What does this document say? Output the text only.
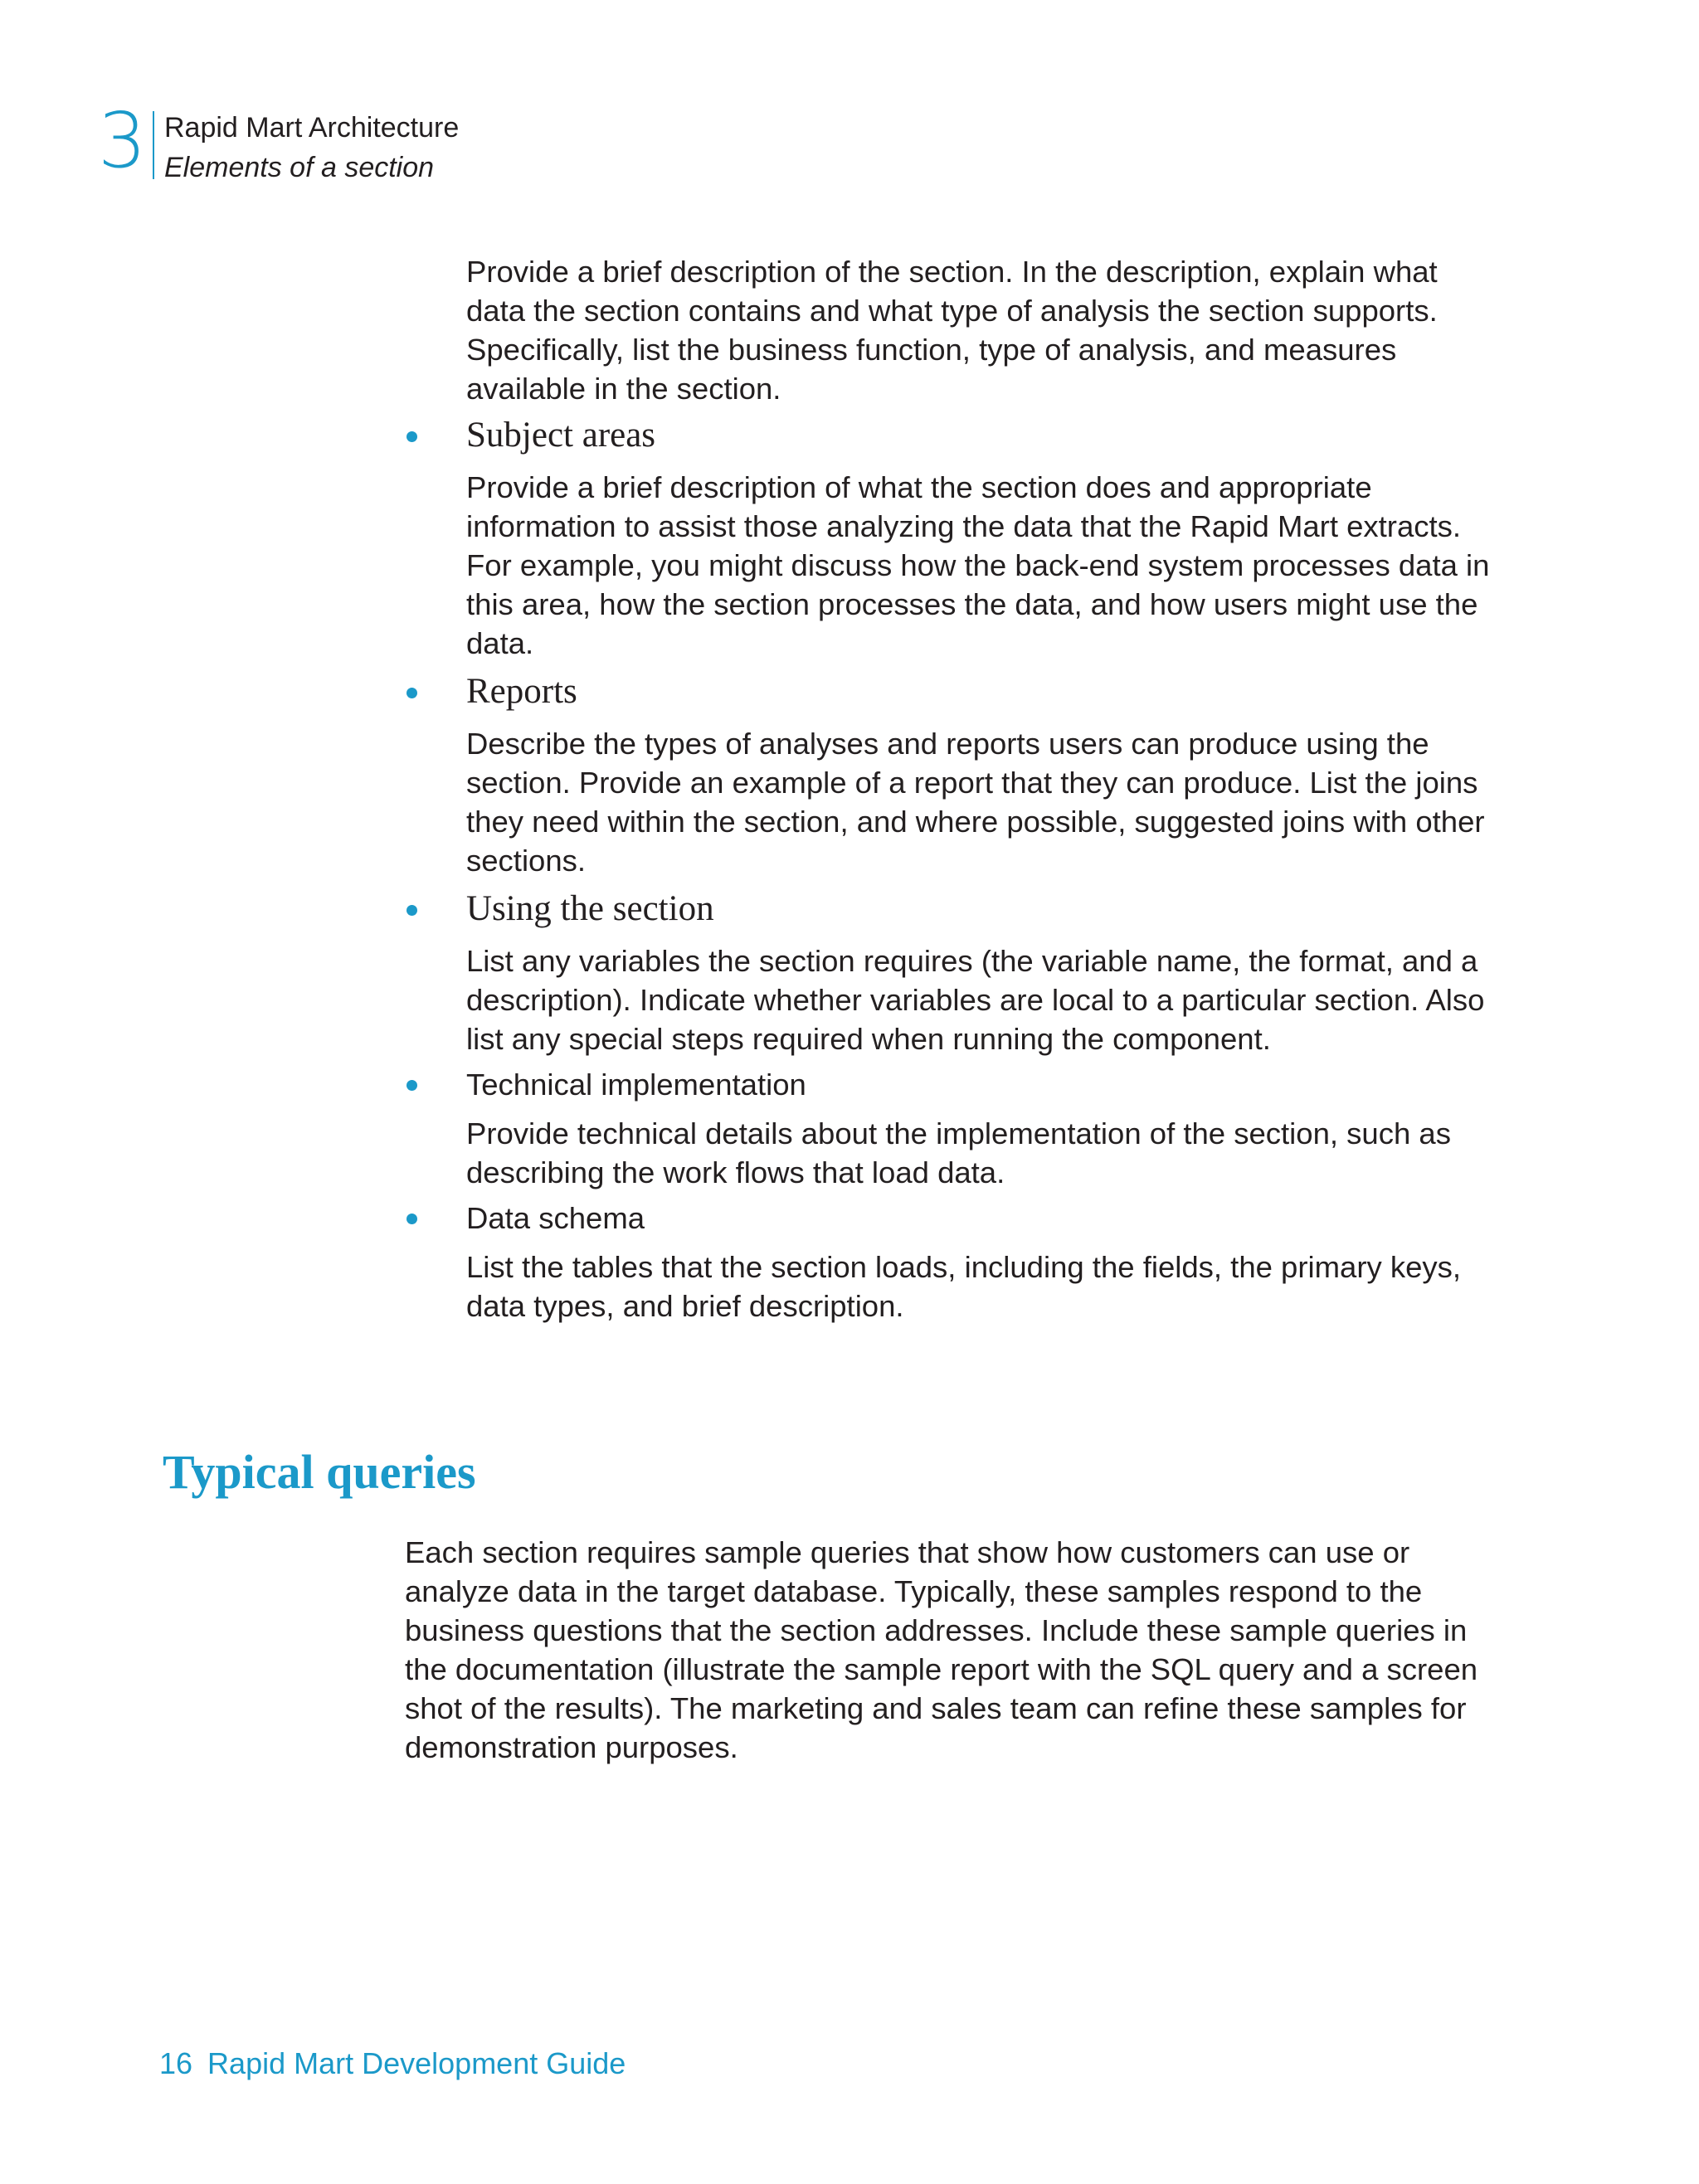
3 Rapid Mart Architecture
Elements of a section

Provide a brief description of the section. In the description, explain what data the section contains and what type of analysis the section supports. Specifically, list the business function, type of analysis, and measures available in the section.

Subject areas
Provide a brief description of what the section does and appropriate information to assist those analyzing the data that the Rapid Mart extracts. For example, you might discuss how the back-end system processes data in this area, how the section processes the data, and how users might use the data.
Reports
Describe the types of analyses and reports users can produce using the section. Provide an example of a report that they can produce. List the joins they need within the section, and where possible, suggested joins with other sections.
Using the section
List any variables the section requires (the variable name, the format, and a description). Indicate whether variables are local to a particular section. Also list any special steps required when running the component.
Technical implementation
Provide technical details about the implementation of the section, such as describing the work flows that load data.
Data schema
List the tables that the section loads, including the fields, the primary keys, data types, and brief description.
Typical queries

Each section requires sample queries that show how customers can use or analyze data in the target database. Typically, these samples respond to the business questions that the section addresses. Include these sample queries in the documentation (illustrate the sample report with the SQL query and a screen shot of the results). The marketing and sales team can refine these samples for demonstration purposes.

16 Rapid Mart Development Guide
